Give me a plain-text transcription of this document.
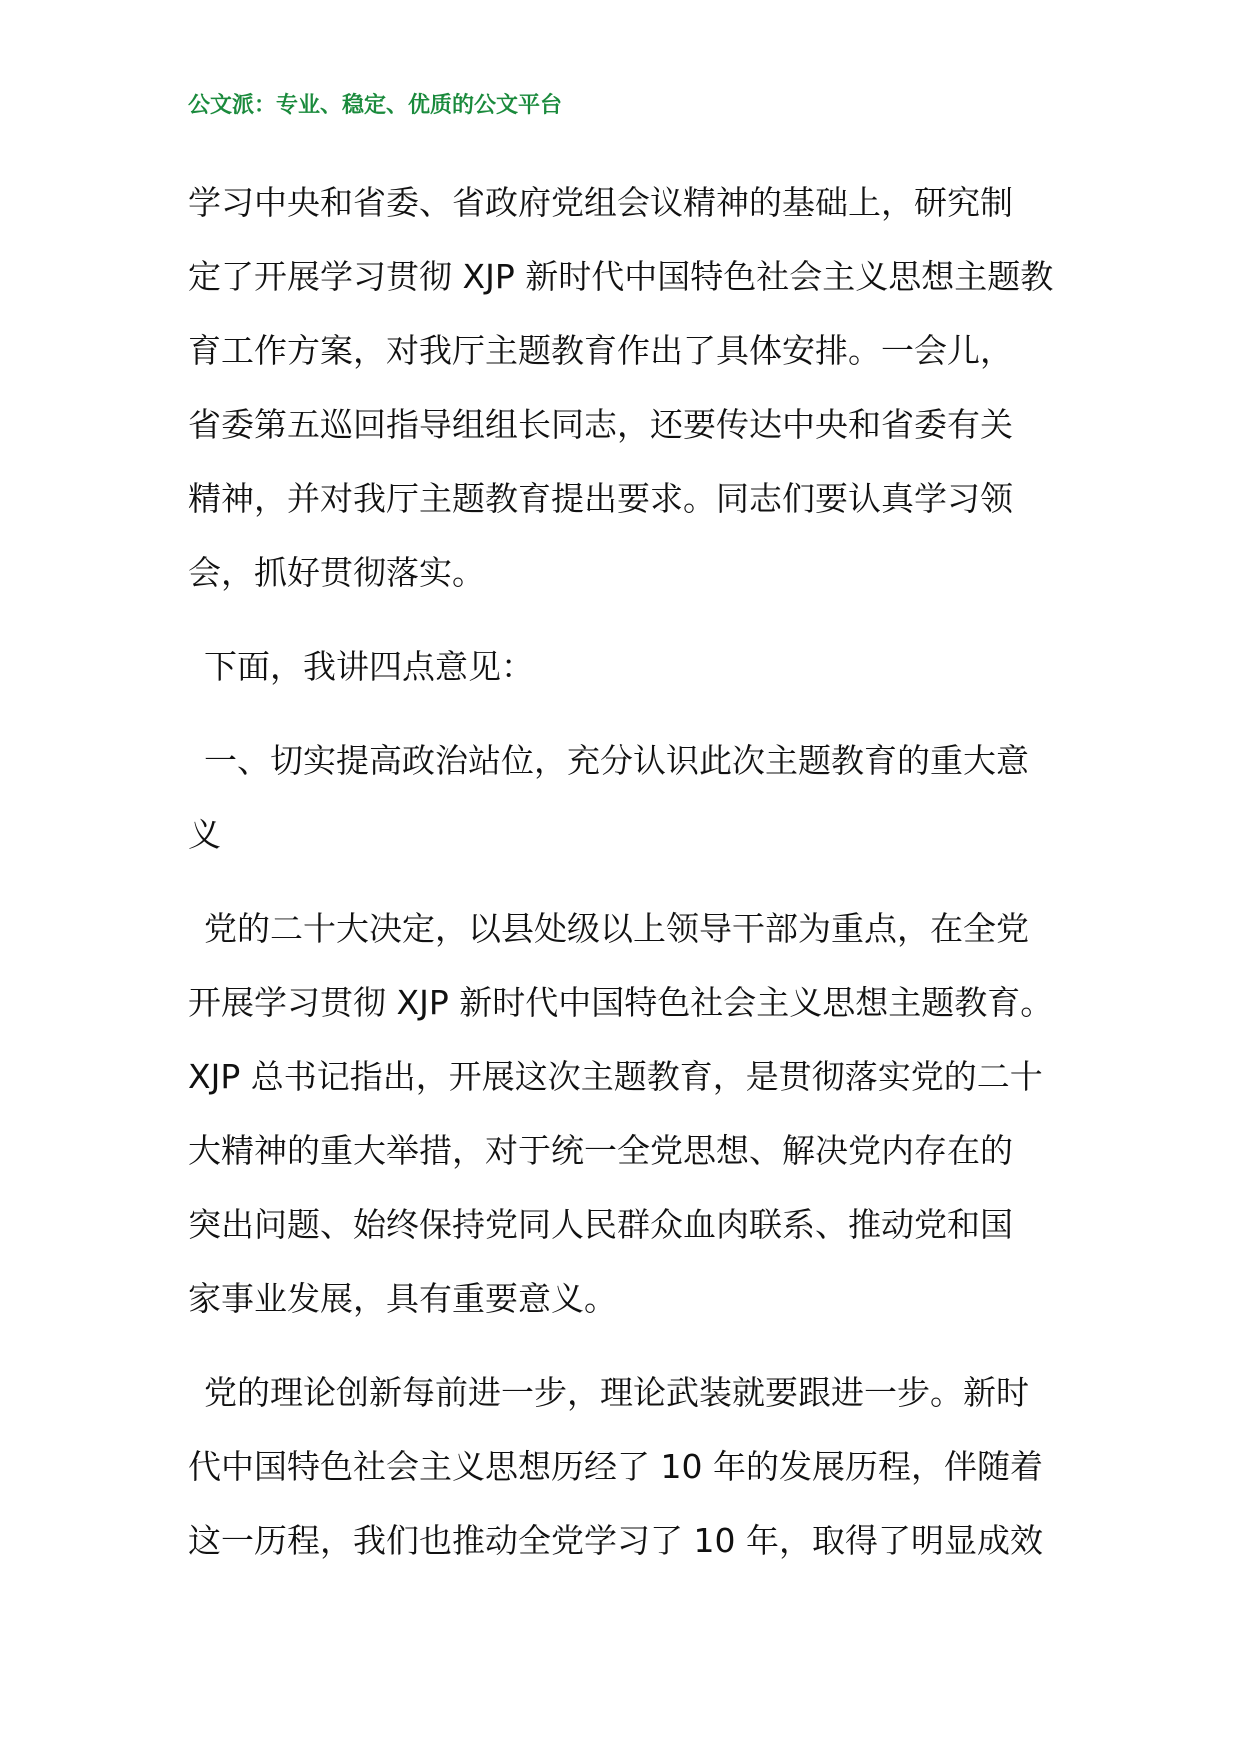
公文派：专业、稳定、优质的公文平台
学习中央和省委、省政府党组会议精神的基础上，研究制
定了开展学习贯彻 XJP 新时代中国特色社会主义思想主题教
育工作方案，对我厅主题教育作出了具体安排。一会儿，
省委第五巡回指导组组长同志，还要传达中央和省委有关
精神，并对我厅主题教育提出要求。同志们要认真学习领
会，抓好贯彻落实。
下面，我讲四点意见：
一、切实提高政治站位，充分认识此次主题教育的重大意
义
党的二十大决定，以县处级以上领导干部为重点，在全党
开展学习贯彻 XJP 新时代中国特色社会主义思想主题教育。
XJP 总书记指出，开展这次主题教育，是贯彻落实党的二十
大精神的重大举措，对于统一全党思想、解决党内存在的
突出问题、始终保持党同人民群众血肉联系、推动党和国
家事业发展，具有重要意义。
党的理论创新每前进一步，理论武装就要跟进一步。新时
代中国特色社会主义思想历经了 10 年的发展历程，伴随着
这一历程，我们也推动全党学习了 10 年，取得了明显成效
